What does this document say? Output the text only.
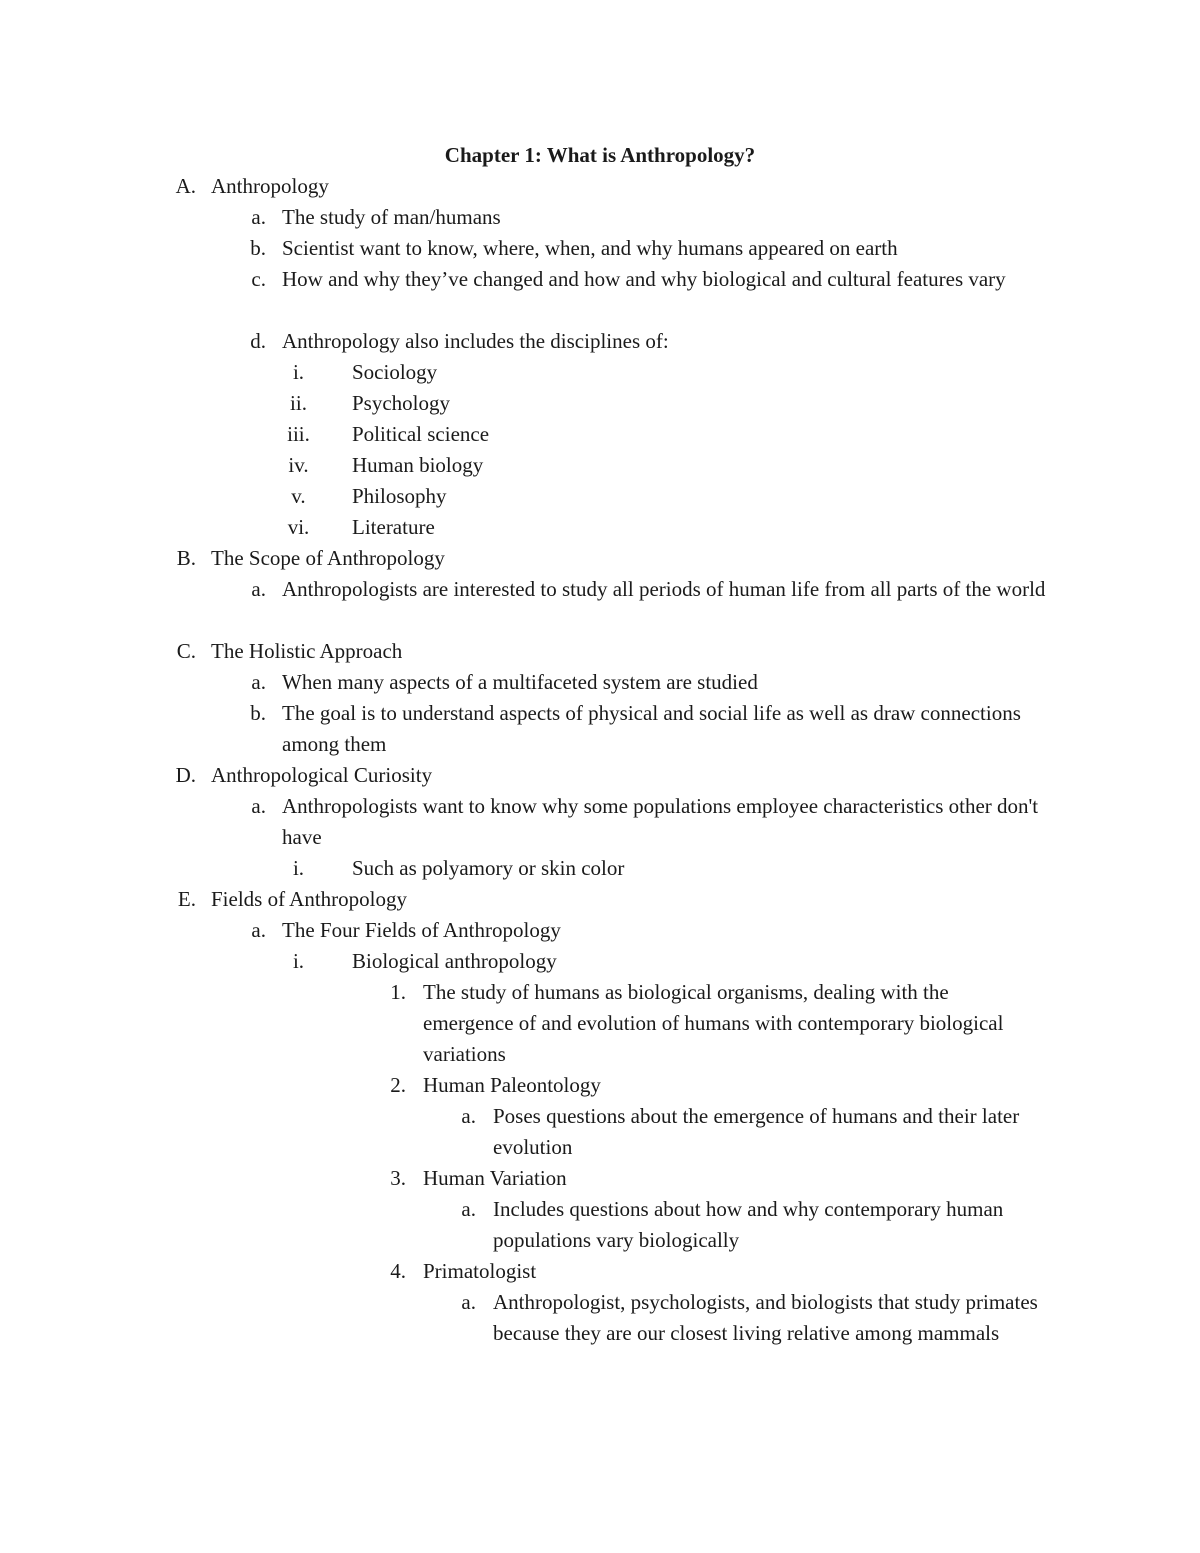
Chapter 1: What is Anthropology?
A. Anthropology
a. The study of man/humans
b. Scientist want to know, where, when, and why humans appeared on earth
c. How and why they’ve changed and how and why biological and cultural features vary
d. Anthropology also includes the disciplines of:
i.	Sociology
ii.	Psychology
iii.	Political science
iv.	Human biology
v.	Philosophy
vi.	Literature
B. The Scope of Anthropology
a. Anthropologists are interested to study all periods of human life from all parts of the world
C. The Holistic Approach
a. When many aspects of a multifaceted system are studied
b. The goal is to understand aspects of physical and social life as well as draw connections among them
D. Anthropological Curiosity
a. Anthropologists want to know why some populations employee characteristics other don't have
i.	Such as polyamory or skin color
E. Fields of Anthropology
a. The Four Fields of Anthropology
i.	Biological anthropology
1. The study of humans as biological organisms, dealing with the emergence of and evolution of humans with contemporary biological variations
2. Human Paleontology
a. Poses questions about the emergence of humans and their later evolution
3. Human Variation
a. Includes questions about how and why contemporary human populations vary biologically
4. Primatologist
a. Anthropologist, psychologists, and biologists that study primates because they are our closest living relative among mammals
